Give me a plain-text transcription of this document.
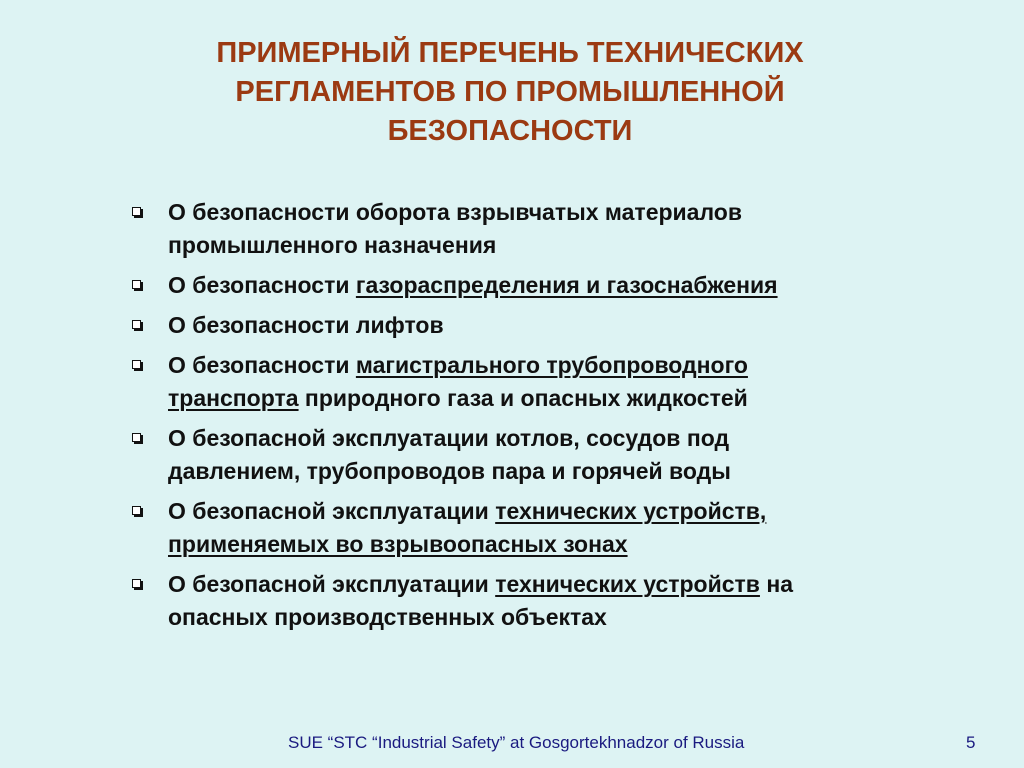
ПРИМЕРНЫЙ ПЕРЕЧЕНЬ ТЕХНИЧЕСКИХ
РЕГЛАМЕНТОВ ПО ПРОМЫШЛЕННОЙ
БЕЗОПАСНОСТИ
О безопасности оборота взрывчатых материалов
промышленного назначения
О безопасности газораспределения и газоснабжения
О безопасности лифтов
О безопасности магистрального трубопроводного
транспорта природного газа и опасных жидкостей
О безопасной эксплуатации котлов, сосудов под
давлением, трубопроводов пара и горячей воды
О безопасной эксплуатации технических устройств,
применяемых во взрывоопасных зонах
О безопасной эксплуатации технических устройств на
опасных производственных объектах
SUE “STC “Industrial Safety” at Gosgortekhnadzor of Russia	5
